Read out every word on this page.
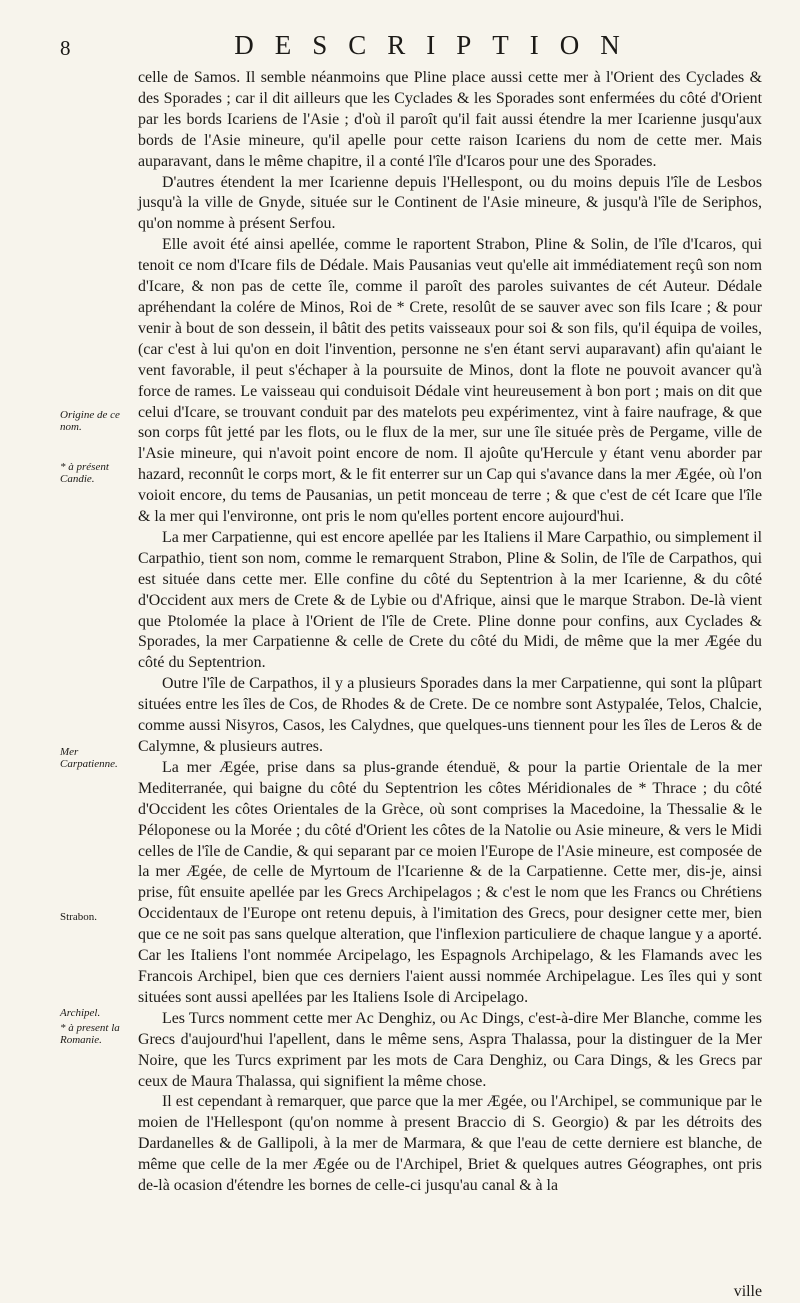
8	DESCRIPTION
Origine de ce nom.
* à présent Candie.
Mer Carpatienne.
Strabon.
Archipel.
* à present la Romanie.

celle de Samos. Il semble néanmoins que Pline place aussi cette mer à l'Orient des Cyclades & des Sporades ; car il dit ailleurs que les Cyclades & les Sporades sont enfermées du côté d'Orient par les bords Icariens de l'Asie ; d'où il paroît qu'il fait aussi étendre la mer Icarienne jusqu'aux bords de l'Asie mineure, qu'il apelle pour cette raison Icariens du nom de cette mer. Mais auparavant, dans le même chapitre, il a conté l'île d'Icaros pour une des Sporades.

D'autres étendent la mer Icarienne depuis l'Hellespont, ou du moins depuis l'île de Lesbos jusqu'à la ville de Gnyde, située sur le Continent de l'Asie mineure, & jusqu'à l'île de Seriphos, qu'on nomme à présent Serfou.

Elle avoit été ainsi apellée, comme le raportent Strabon, Pline & Solin, de l'île d'Icaros, qui tenoit ce nom d'Icare fils de Dédale. Mais Pausanias veut qu'elle ait immédiatement reçû son nom d'Icare, & non pas de cette île, comme il paroît des paroles suivantes de cét Auteur. Dédale apréhendant la colére de Minos, Roi de * Crete, resolût de se sauver avec son fils Icare ; & pour venir à bout de son dessein, il bâtit des petits vaisseaux pour soi & son fils, qu'il équipa de voiles, (car c'est à lui qu'on en doit l'invention, personne ne s'en étant servi auparavant) afin qu'aiant le vent favorable, il peut s'échaper à la poursuite de Minos, dont la flote ne pouvoit avancer qu'à force de rames. Le vaisseau qui conduisoit Dédale vint heureusement à bon port ; mais on dit que celui d'Icare, se trouvant conduit par des matelots peu expérimentez, vint à faire naufrage, & que son corps fût jetté par les flots, ou le flux de la mer, sur une île située près de Pergame, ville de l'Asie mineure, qui n'avoit point encore de nom. Il ajoûte qu'Hercule y étant venu aborder par hazard, reconnût le corps mort, & le fit enterrer sur un Cap qui s'avance dans la mer Ægée, où l'on voioit encore, du tems de Pausanias, un petit monceau de terre ; & que c'est de cét Icare que l'île & la mer qui l'environne, ont pris le nom qu'elles portent encore aujourd'hui.

La mer Carpatienne, qui est encore apellée par les Italiens il Mare Carpathio, ou simplement il Carpathio, tient son nom, comme le remarquent Strabon, Pline & Solin, de l'île de Carpathos, qui est située dans cette mer. Elle confine du côté du Septentrion à la mer Icarienne, & du côté d'Occident aux mers de Crete & de Lybie ou d'Afrique, ainsi que le marque Strabon. De-là vient que Ptolomée la place à l'Orient de l'île de Crete. Pline donne pour confins, aux Cyclades & Sporades, la mer Carpatienne & celle de Crete du côté du Midi, de même que la mer Ægée du côté du Septentrion.

Outre l'île de Carpathos, il y a plusieurs Sporades dans la mer Carpatienne, qui sont la plûpart situées entre les îles de Cos, de Rhodes & de Crete. De ce nombre sont Astypalée, Telos, Chalcie, comme aussi Nisyros, Casos, les Calydnes, que quelques-uns tiennent pour les îles de Leros & de Calymne, & plusieurs autres.

La mer Ægée, prise dans sa plus-grande étenduë, & pour la partie Orientale de la mer Mediterranée, qui baigne du côté du Septentrion les côtes Méridionales de * Thrace ; du côté d'Occident les côtes Orientales de la Grèce, où sont comprises la Macedoine, la Thessalie & le Péloponese ou la Morée ; du côté d'Orient les côtes de la Natolie ou Asie mineure, & vers le Midi celles de l'île de Candie, & qui separant par ce moien l'Europe de l'Asie mineure, est composée de la mer Ægée, de celle de Myrtoum de l'Icarienne & de la Carpatienne. Cette mer, dis-je, ainsi prise, fût ensuite apellée par les Grecs Archipelagos ; & c'est le nom que les Francs ou Chrétiens Occidentaux de l'Europe ont retenu depuis, à l'imitation des Grecs, pour designer cette mer, bien que ce ne soit pas sans quelque alteration, que l'inflexion particuliere de chaque langue y a aporté. Car les Italiens l'ont nommée Arcipelago, les Espagnols Archipelago, & les Flamands avec les Francois Archipel, bien que ces derniers l'aient aussi nommée Archipelague. Les îles qui y sont situées sont aussi apellées par les Italiens Isole di Arcipelago.

Les Turcs nomment cette mer Ac Denghiz, ou Ac Dings, c'est-à-dire Mer Blanche, comme les Grecs d'aujourd'hui l'apellent, dans le même sens, Aspra Thalassa, pour la distinguer de la Mer Noire, que les Turcs expriment par les mots de Cara Denghiz, ou Cara Dings, & les Grecs par ceux de Maura Thalassa, qui signifient la même chose.

Il est cependant à remarquer, que parce que la mer Ægée, ou l'Archipel, se communique par le moien de l'Hellespont (qu'on nomme à present Braccio di S. Georgio) & par les détroits des Dardanelles & de Gallipoli, à la mer de Marmara, & que l'eau de cette derniere est blanche, de même que celle de la mer Ægée ou de l'Archipel, Briet & quelques autres Géographes, ont pris de-là ocasion d'étendre les bornes de celle-ci jusqu'au canal & à la

ville
